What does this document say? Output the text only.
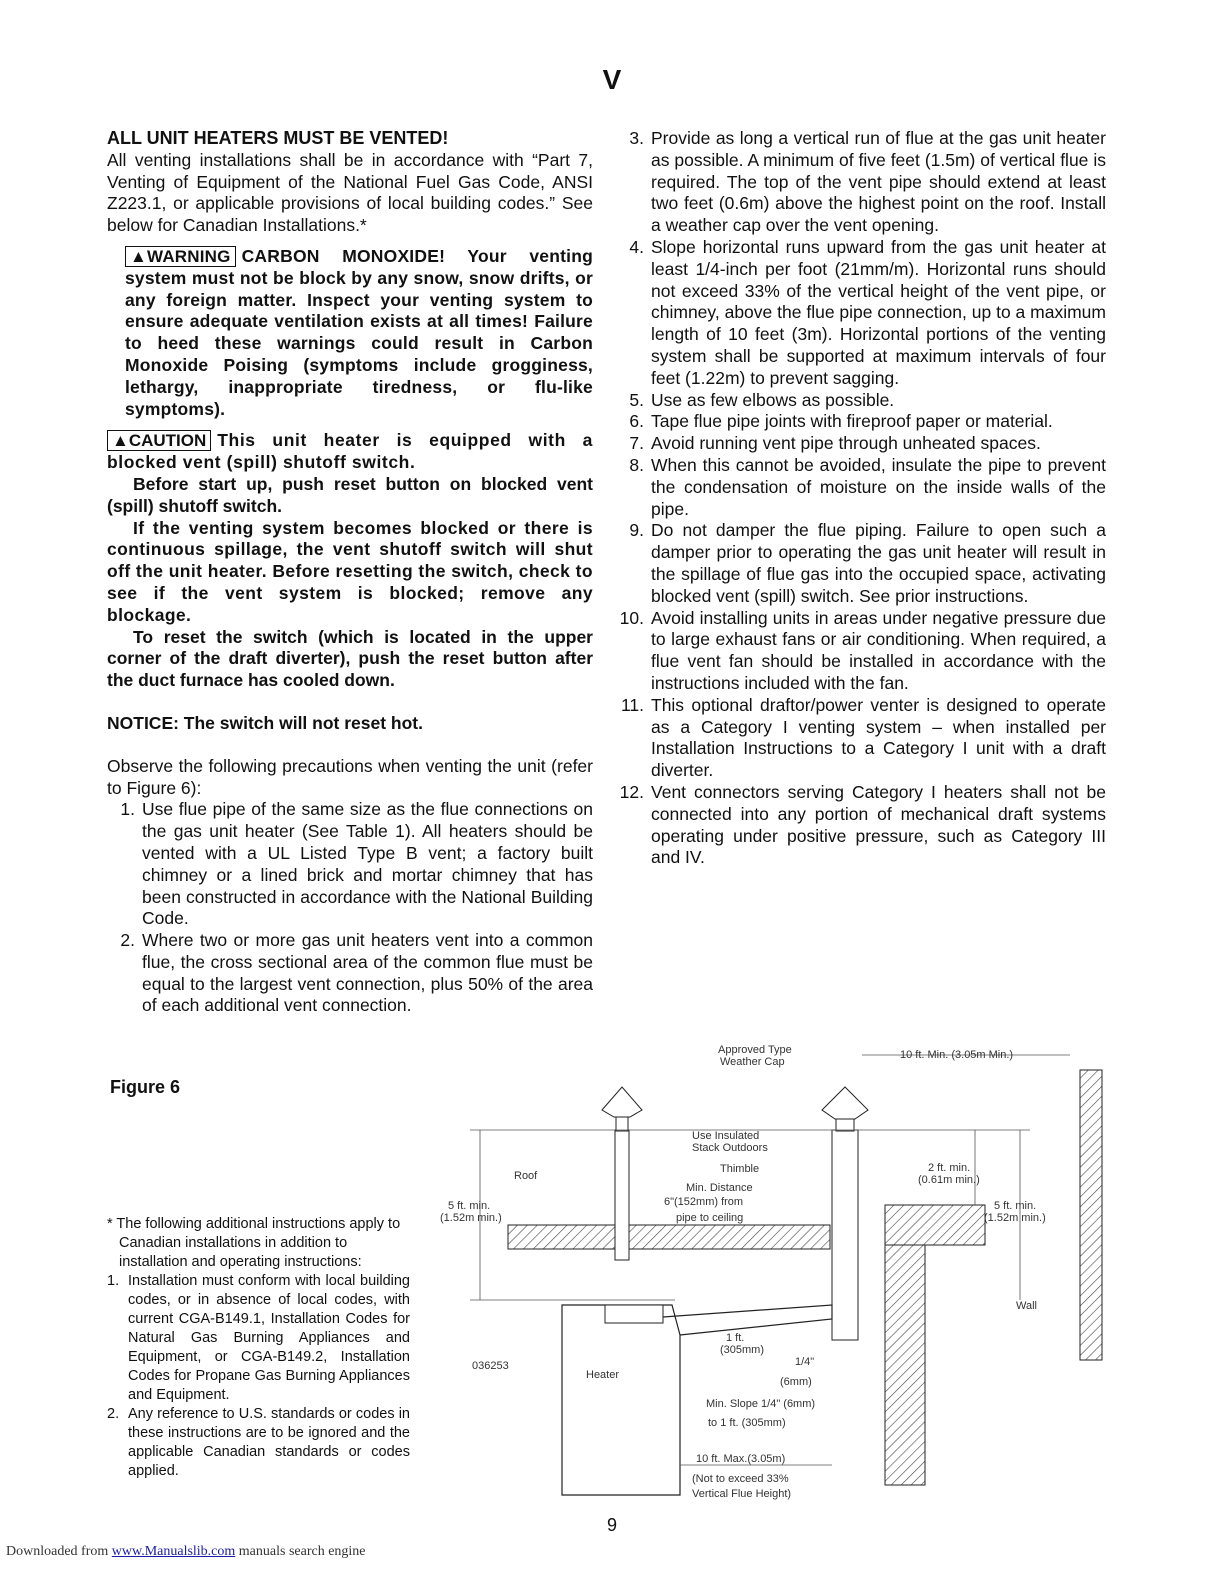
V

ALL UNIT HEATERS MUST BE VENTED!

All venting installations shall be in accordance with “Part 7, Venting of Equipment of the National Fuel Gas Code, ANSI Z223.1, or applicable provisions of local building codes.” See below for Canadian Installations.*

▲WARNING CARBON MONOXIDE! Your venting system must not be block by any snow, snow drifts, or any foreign matter. Inspect your venting system to ensure adequate ventilation exists at all times! Failure to heed these warnings could result in Carbon Monoxide Poising (symptoms include grogginess, lethargy, inappropriate tiredness, or flu-like symptoms).

▲CAUTION This unit heater is equipped with a blocked vent (spill) shutoff switch.

Before start up, push reset button on blocked vent (spill) shutoff switch.

If the venting system becomes blocked or there is continuous spillage, the vent shutoff switch will shut off the unit heater. Before resetting the switch, check to see if the vent system is blocked; remove any blockage.

To reset the switch (which is located in the upper corner of the draft diverter), push the reset button after the duct furnace has cooled down.

NOTICE: The switch will not reset hot.

Observe the following precautions when venting the unit (refer to Figure 6):

1. Use flue pipe of the same size as the flue connections on the gas unit heater (See Table 1). All heaters should be vented with a UL Listed Type B vent; a factory built chimney or a lined brick and mortar chimney that has been constructed in accordance with the National Building Code.
2. Where two or more gas unit heaters vent into a common flue, the cross sectional area of the common flue must be equal to the largest vent connection, plus 50% of the area of each additional vent connection.
3. Provide as long a vertical run of flue at the gas unit heater as possible. A minimum of five feet (1.5m) of vertical flue is required. The top of the vent pipe should extend at least two feet (0.6m) above the highest point on the roof. Install a weather cap over the vent opening.
4. Slope horizontal runs upward from the gas unit heater at least 1/4-inch per foot (21mm/m). Horizontal runs should not exceed 33% of the vertical height of the vent pipe, or chimney, above the flue pipe connection, up to a maximum length of 10 feet (3m). Horizontal portions of the venting system shall be supported at maximum intervals of four feet (1.22m) to prevent sagging.
5. Use as few elbows as possible.
6. Tape flue pipe joints with fireproof paper or material.
7. Avoid running vent pipe through unheated spaces.
8. When this cannot be avoided, insulate the pipe to prevent the condensation of moisture on the inside walls of the pipe.
9. Do not damper the flue piping. Failure to open such a damper prior to operating the gas unit heater will result in the spillage of flue gas into the occupied space, activating blocked vent (spill) switch. See prior instructions.
10. Avoid installing units in areas under negative pressure due to large exhaust fans or air conditioning. When required, a flue vent fan should be installed in accordance with the instructions included with the fan.
11. This optional draftor/power venter is designed to operate as a Category I venting system – when installed per Installation Instructions to a Category I unit with a draft diverter.
12. Vent connectors serving Category I heaters shall not be connected into any portion of mechanical draft systems operating under positive pressure, such as Category III and IV.
Figure 6

* The following additional instructions apply to Canadian installations in addition to installation and operating instructions:

1. Installation must conform with local building codes, or in absence of local codes, with current CGA-B149.1, Installation Codes for Natural Gas Burning Appliances and Equipment, or CGA-B149.2, Installation Codes for Propane Gas Burning Appliances and Equipment.
2. Any reference to U.S. standards or codes in these instructions are to be ignored and the applicable Canadian standards or codes applied.
Approved Type
Weather Cap
10 ft. Min. (3.05m Min.)
Use Insulated
Stack Outdoors
Thimble
Roof
Min. Distance
6"(152mm) from
pipe to ceiling
2 ft. min.
(0.61m min.)
5 ft. min.
(1.52m min.)
5 ft. min.
(1.52m min.)
Wall
1 ft.
(305mm)
1/4"
(6mm)
036253
Heater
Min. Slope 1/4" (6mm)
to 1 ft. (305mm)
10 ft. Max.(3.05m)
(Not to exceed 33%
Vertical Flue Height)
9
Downloaded from www.Manualslib.com manuals search engine
